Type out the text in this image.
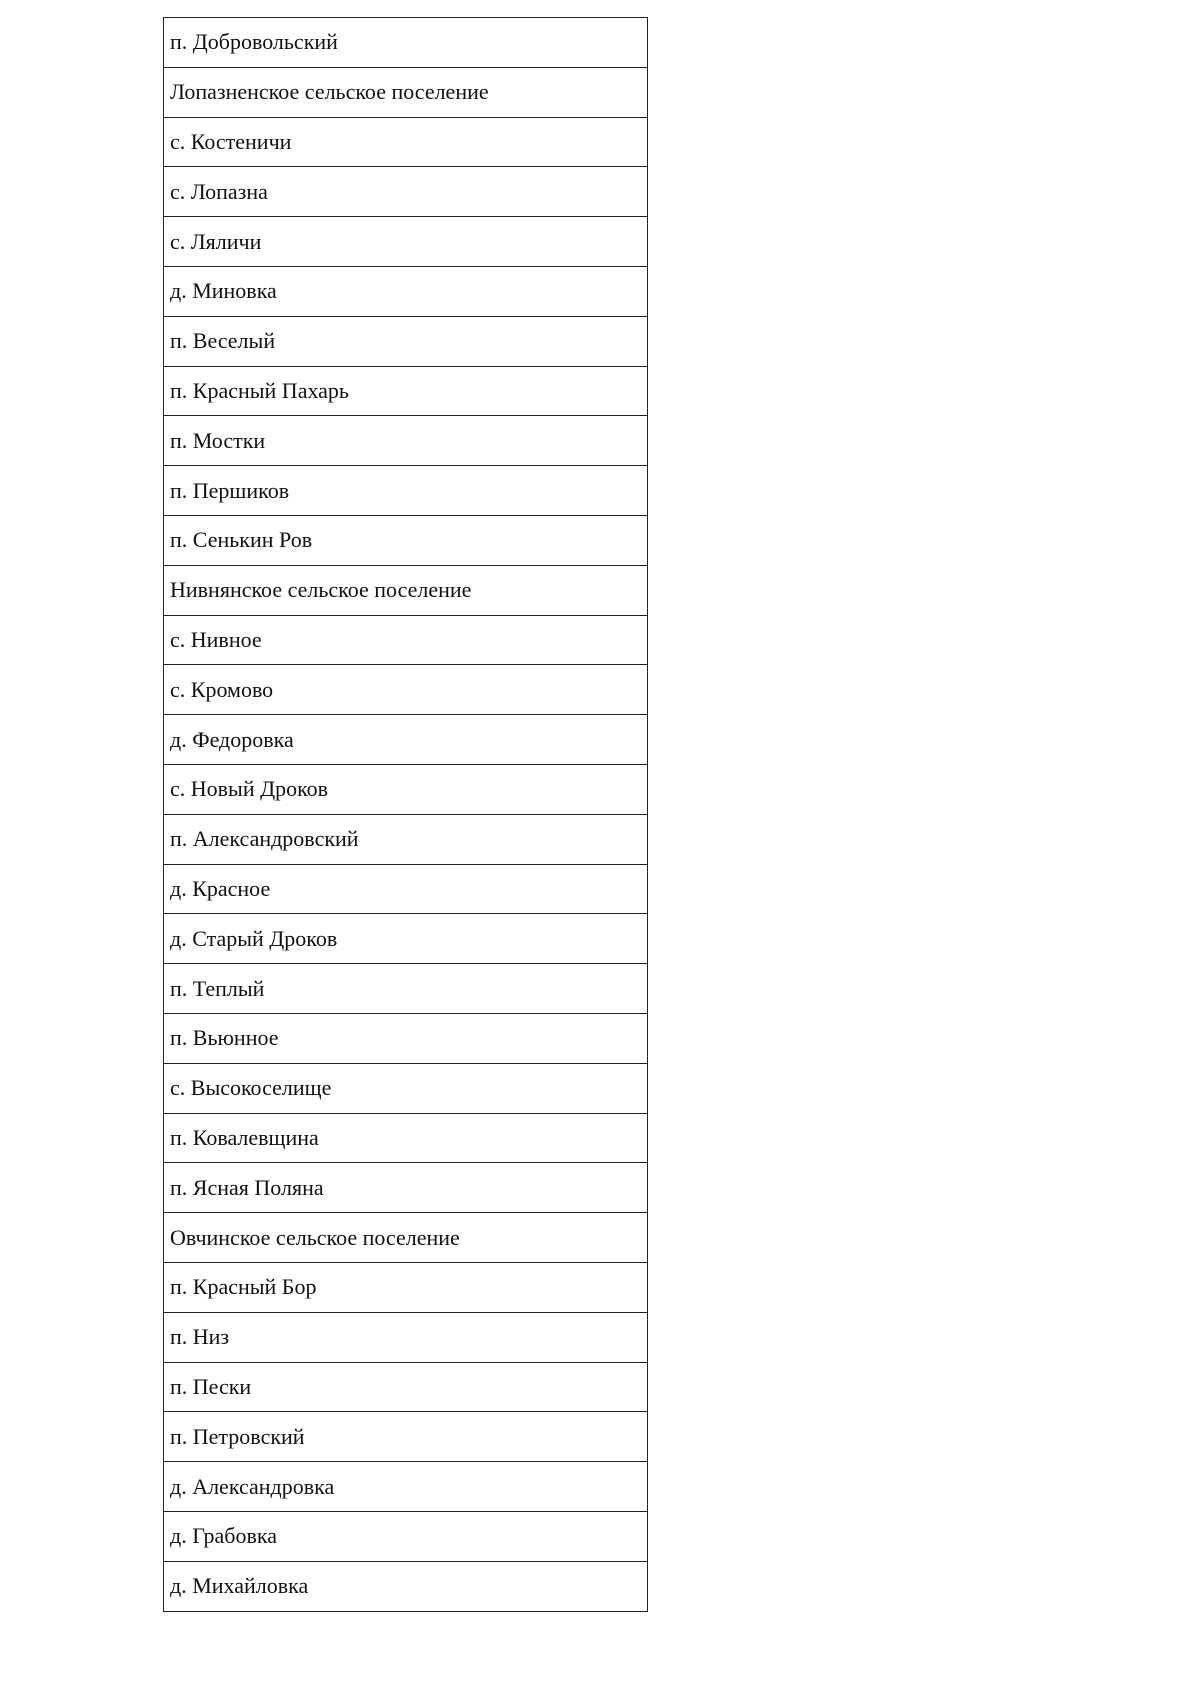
п. Добровольский
Лопазненское сельское поселение
с. Костеничи
с. Лопазна
с. Ляличи
д. Миновка
п. Веселый
п. Красный Пахарь
п. Мостки
п. Першиков
п. Сенькин Ров
Нивнянское сельское поселение
с. Нивное
с. Кромово
д. Федоровка
с. Новый Дроков
п. Александровский
д. Красное
д. Старый Дроков
п. Теплый
п. Вьюнное
с. Высокоселище
п. Ковалевщина
п. Ясная Поляна
Овчинское сельское поселение
п. Красный Бор
п. Низ
п. Пески
п. Петровский
д. Александровка
д. Грабовка
д. Михайловка
